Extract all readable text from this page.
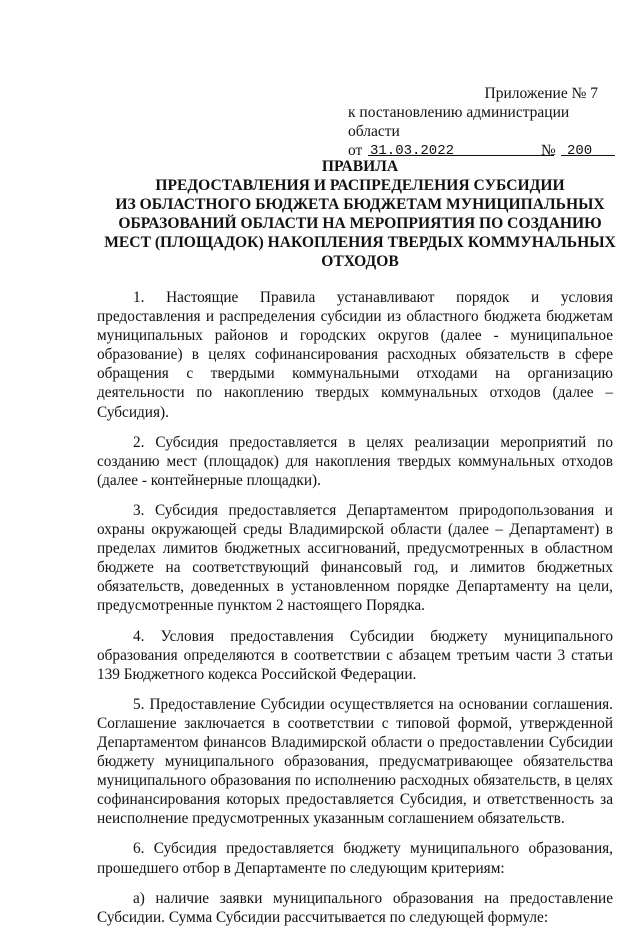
Приложение № 7
к постановлению администрации области
от 31.03.2022	№ 200
ПРАВИЛА
ПРЕДОСТАВЛЕНИЯ И РАСПРЕДЕЛЕНИЯ СУБСИДИИ
ИЗ ОБЛАСТНОГО БЮДЖЕТА БЮДЖЕТАМ МУНИЦИПАЛЬНЫХ
ОБРАЗОВАНИЙ ОБЛАСТИ НА МЕРОПРИЯТИЯ ПО СОЗДАНИЮ
МЕСТ (ПЛОЩАДОК) НАКОПЛЕНИЯ ТВЕРДЫХ КОММУНАЛЬНЫХ
ОТХОДОВ

1. Настоящие Правила устанавливают порядок и условия предоставления и распределения субсидии из областного бюджета бюджетам муниципальных районов и городских округов (далее - муниципальное образование) в целях софинансирования расходных обязательств в сфере обращения с твердыми коммунальными отходами на организацию деятельности по накоплению твердых коммунальных отходов (далее – Субсидия).

2. Субсидия предоставляется в целях реализации мероприятий по созданию мест (площадок) для накопления твердых коммунальных отходов (далее - контейнерные площадки).

3. Субсидия предоставляется Департаментом природопользования и охраны окружающей среды Владимирской области (далее – Департамент) в пределах лимитов бюджетных ассигнований, предусмотренных в областном бюджете на соответствующий финансовый год, и лимитов бюджетных обязательств, доведенных в установленном порядке Департаменту на цели, предусмотренные пунктом 2 настоящего Порядка.

4. Условия предоставления Субсидии бюджету муниципального образования определяются в соответствии с абзацем третьим части 3 статьи 139 Бюджетного кодекса Российской Федерации.

5. Предоставление Субсидии осуществляется на основании соглашения. Соглашение заключается в соответствии с типовой формой, утвержденной Департаментом финансов Владимирской области о предоставлении Субсидии бюджету муниципального образования, предусматривающее обязательства муниципального образования по исполнению расходных обязательств, в целях софинансирования которых предоставляется Субсидия, и ответственность за неисполнение предусмотренных указанным соглашением обязательств.

6. Субсидия предоставляется бюджету муниципального образования, прошедшего отбор в Департаменте по следующим критериям:

а) наличие заявки муниципального образования на предоставление Субсидии. Сумма Субсидии рассчитывается по следующей формуле:
